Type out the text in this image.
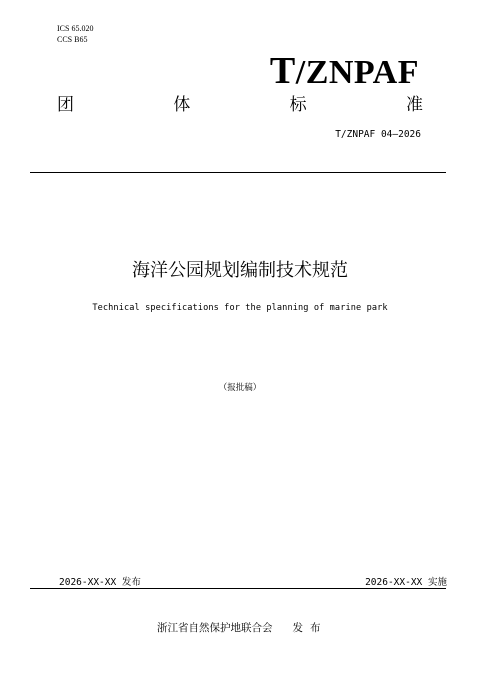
ICS 65.020
CCS B65
T/ZNPAF
团	体	标	准
T/ZNPAF 04—2026
海洋公园规划编制技术规范
Technical specifications for the planning of marine park
（报批稿）
2026-XX-XX 发布	2026-XX-XX 实施
浙江省自然保护地联合会 发布
